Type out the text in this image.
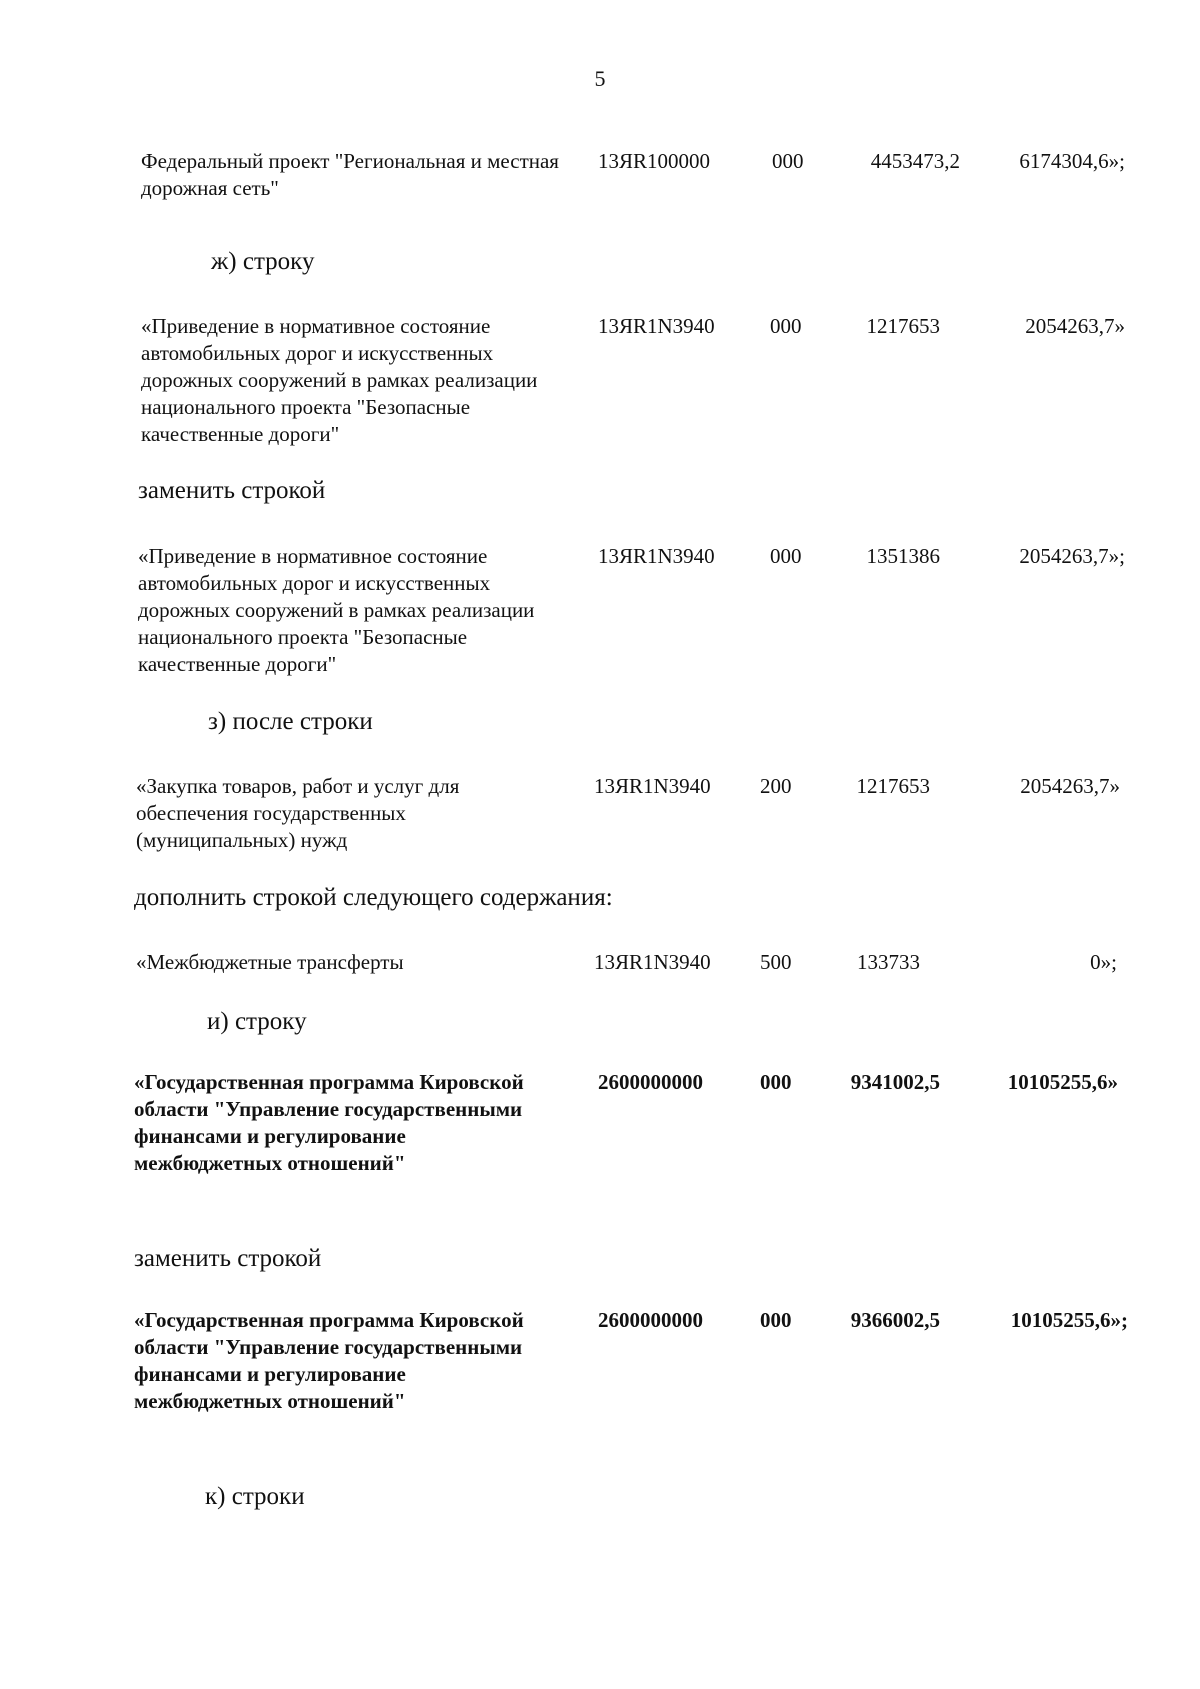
5
Федеральный проект "Региональная и местная дорожная сеть"
13ЯR100000	000	4453473,2	6174304,6»;
ж) строку
«Приведение в нормативное состояние автомобильных дорог и искусственных дорожных сооружений в рамках реализации национального проекта "Безопасные качественные дороги"
13ЯR1N3940	000	1217653	2054263,7»
заменить строкой
«Приведение в нормативное состояние автомобильных дорог и искусственных дорожных сооружений в рамках реализации национального проекта "Безопасные качественные дороги"
13ЯR1N3940	000	1351386	2054263,7»;
з) после строки
«Закупка товаров, работ и услуг для обеспечения государственных (муниципальных) нужд
13ЯR1N3940	200	1217653	2054263,7»
дополнить строкой следующего содержания:
«Межбюджетные трансферты	13ЯR1N3940	500	133733	0»;
и) строку
«Государственная программа Кировской области "Управление государственными финансами и регулирование межбюджетных отношений"
2600000000	000	9341002,5	10105255,6»
заменить строкой
«Государственная программа Кировской области "Управление государственными финансами и регулирование межбюджетных отношений"
2600000000	000	9366002,5	10105255,6»;
к) строки
